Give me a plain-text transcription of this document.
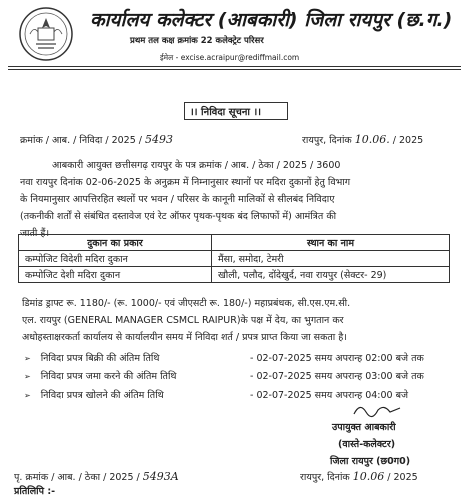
कार्यालय कलेक्टर (आबकारी) जिला रायपुर (छ.ग.)
प्रथम तल कक्ष क्रमांक 22 कलेक्ट्रेट परिसर
ईमेल - excise.acraipur@rediffmail.com
।। निविदा सूचना ।।
क्रमांक / आब. / निविदा / 2025 / 5493	रायपुर, दिनांक 10.06. / 2025
आबकारी आयुक्त छत्तीसगढ़ रायपुर के पत्र क्रमांक / आब. / ठेका / 2025 / 3600
नवा रायपुर दिनांक 02-06-2025 के अनुक्रम में निम्नानुसार स्थानों पर मदिरा दुकानों हेतु विभाग
के नियमानुसार आपत्तिरहित स्थलों पर भवन / परिसर के कानूनी मालिकों से सीलबंद निविदाए
(तकनीकी शर्तों से संबंधित दस्तावेज एवं रेट ऑफर पृथक-पृथक बंद लिफाफों में) आमंत्रित की
जाती हैं।
दुकान का प्रकार	स्थान का नाम
कम्पोजिट विदेशी मदिरा दुकान	मैंसा, समोदा, टेमरी
कम्पोजिट देशी मदिरा दुकान	खौली, पलौद, दोंदेखुर्द, नवा रायपुर (सेक्टर- 29)
डिमांड ड्राफ्ट रू. 1180/- (रू. 1000/- एवं जीएसटी रू. 180/-) महाप्रबंधक, सी.एस.एम.सी.
एल. रायपुर (GENERAL MANAGER CSMCL RAIPUR)के पक्ष में देय, का भुगतान कर
अधोहस्ताक्षरकर्ता कार्यालय से कार्यालयीन समय में निविदा शर्त / प्रपत्र प्राप्त किया जा सकता है।
➢ निविदा प्रपत्र बिक्री की अंतिम तिथि	- 02-07-2025 समय अपरान्ह 02:00 बजे तक
➢ निविदा प्रपत्र जमा करने की अंतिम तिथि	- 02-07-2025 समय अपरान्ह 03:00 बजे तक
➢ निविदा प्रपत्र खोलने की अंतिम तिथि	- 02-07-2025 समय अपरान्ह 04:00 बजे
उपायुक्त आबकारी
(वास्ते-कलेक्टर)
जिला रायपुर (छ0ग0)
पृ. क्रमांक / आब. / ठेका / 2025 / 5493A	रायपुर, दिनांक 10.06 / 2025
प्रतिलिपि :-
